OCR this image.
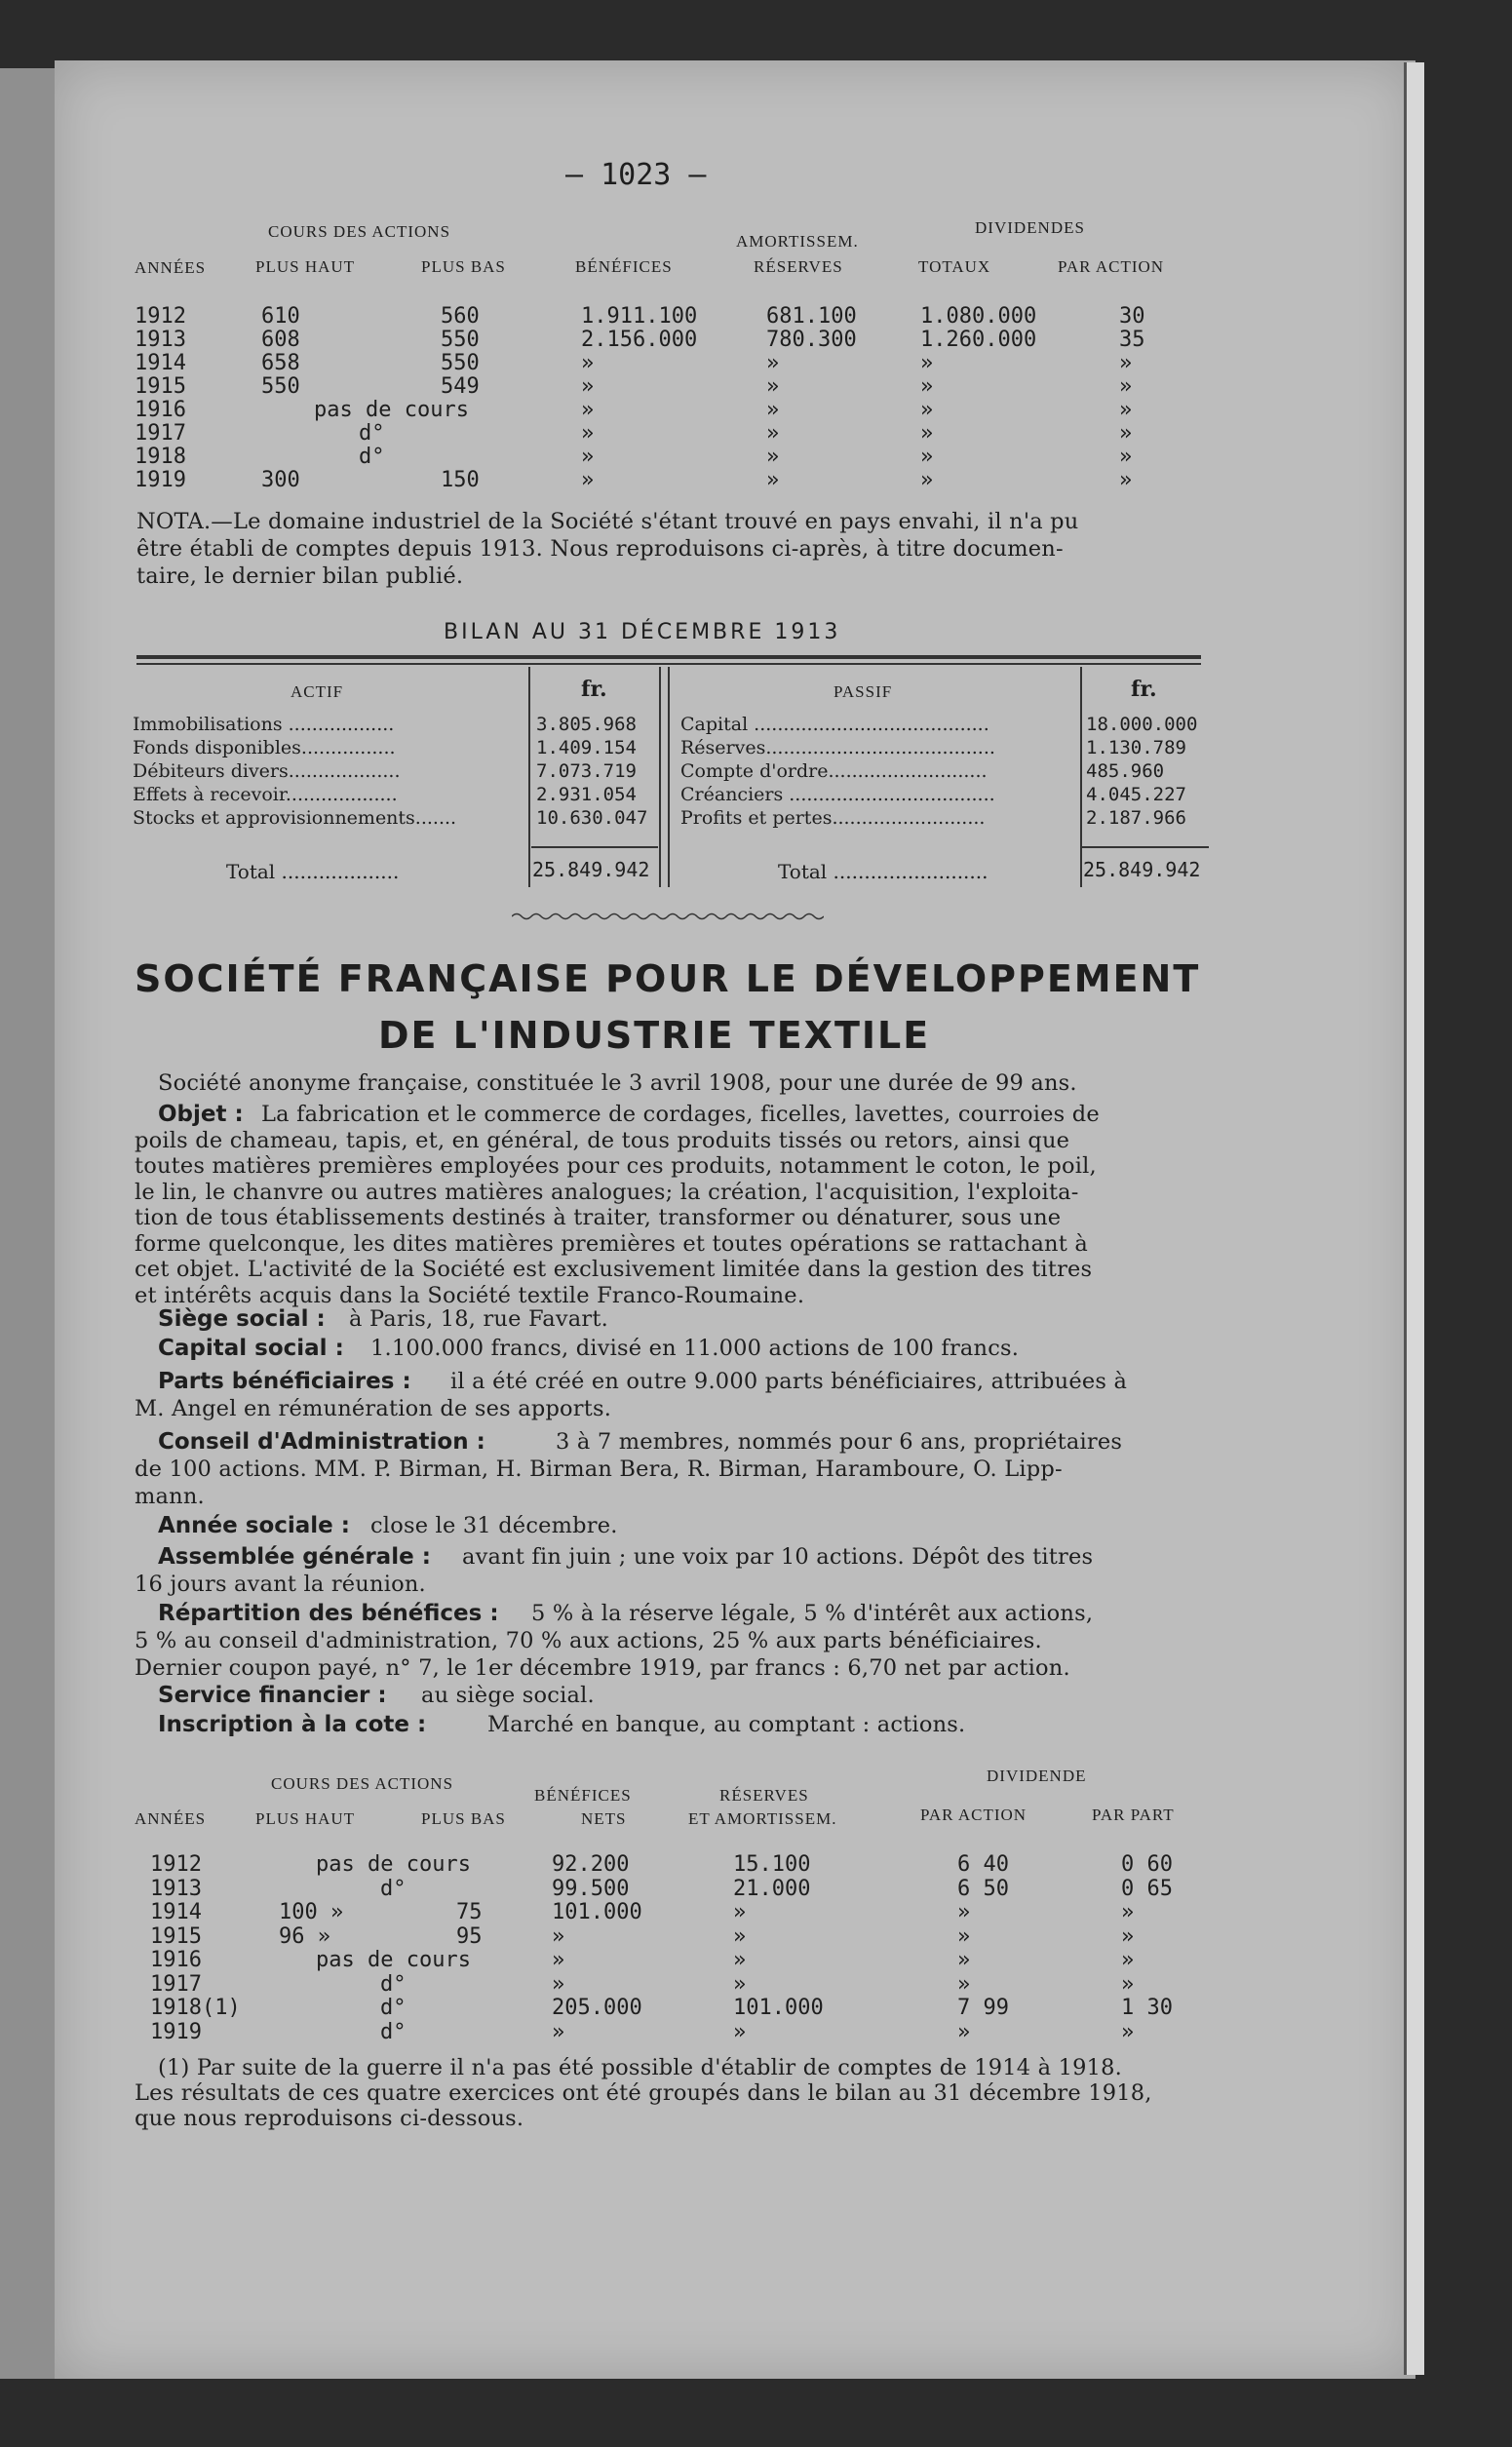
— 1023 —
COURS DES ACTIONS
AMORTISSEM.
DIVIDENDES
ANNÉES	PLUS HAUT	PLUS BAS	BÉNÉFICES	RÉSERVES	TOTAUX	PAR ACTION
1912	610	560	1.911.100	681.100	1.080.000	30
1913	608	550	2.156.000	780.300	1.260.000	35
1914	658	550	»	»	»	»
1915	550	549	»	»	»	»
1916	pas de cours	»	»	»	»
1917	d°	»	»	»	»
1918	d°	»	»	»	»
1919	300	150	»	»	»	»
NOTA.—Le domaine industriel de la Société s'étant trouvé en pays envahi, il n'a pu
être établi de comptes depuis 1913. Nous reproduisons ci-après, à titre documen-
taire, le dernier bilan publié.
BILAN AU 31 DÉCEMBRE 1913
ACTIF	fr.	PASSIF	fr.
Immobilisations ..................	3.805.968
Fonds disponibles................	1.409.154
Débiteurs divers...................	7.073.719
Effets à recevoir...................	2.931.054
Stocks et approvisionnements.......	10.630.047
Capital ........................................	18.000.000
Réserves.......................................	1.130.789
Compte d'ordre...........................	485.960
Créanciers ...................................	4.045.227
Profits et pertes..........................	2.187.966
Total ...................	25.849.942	Total .........................	25.849.942
SOCIÉTÉ FRANÇAISE POUR LE DÉVELOPPEMENT
DE L'INDUSTRIE TEXTILE
Société anonyme française, constituée le 3 avril 1908, pour une durée de 99 ans.
Objet : La fabrication et le commerce de cordages, ficelles, lavettes, courroies de
poils de chameau, tapis, et, en général, de tous produits tissés ou retors, ainsi que
toutes matières premières employées pour ces produits, notamment le coton, le poil,
le lin, le chanvre ou autres matières analogues; la création, l'acquisition, l'exploita-
tion de tous établissements destinés à traiter, transformer ou dénaturer, sous une
forme quelconque, les dites matières premières et toutes opérations se rattachant à
cet objet. L'activité de la Société est exclusivement limitée dans la gestion des titres
et intérêts acquis dans la Société textile Franco-Roumaine.
Siège social : à Paris, 18, rue Favart.
Capital social : 1.100.000 francs, divisé en 11.000 actions de 100 francs.
Parts bénéficiaires : il a été créé en outre 9.000 parts bénéficiaires, attribuées à
M. Angel en rémunération de ses apports.
Conseil d'Administration :	3 à 7 membres, nommés pour 6 ans, propriétaires
de 100 actions. MM. P. Birman, H. Birman Bera, R. Birman, Haramboure, O. Lipp-
mann.
Année sociale : close le 31 décembre.
Assemblée générale : avant fin juin ; une voix par 10 actions. Dépôt des titres
16 jours avant la réunion.
Répartition des bénéfices : 5 % à la réserve légale, 5 % d'intérêt aux actions,
5 % au conseil d'administration, 70 % aux actions, 25 % aux parts bénéficiaires.
Dernier coupon payé, n° 7, le 1er décembre 1919, par francs : 6,70 net par action.
Service financier : au siège social.
Inscription à la cote :	Marché en banque, au comptant : actions.
COURS DES ACTIONS	DIVIDENDE
ANNÉES	PLUS HAUT	PLUS BAS
BÉNÉFICES
NETS
RÉSERVES
ET AMORTISSEM.	PAR ACTION	PAR PART
1912	pas de cours	92.200	15.100	6 40	0 60
1913	d°	99.500	21.000	6 50	0 65
1914	100 »	75	101.000	»	»	»
1915	96 »	95	»	»	»	»
1916	pas de cours	»	»	»	»
1917	d°	»	»	»	»
1918(1)	d°	205.000	101.000	7 99	1 30
1919	d°	»	»	»	»
(1) Par suite de la guerre il n'a pas été possible d'établir de comptes de 1914 à 1918.
Les résultats de ces quatre exercices ont été groupés dans le bilan au 31 décembre 1918,
que nous reproduisons ci-dessous.
